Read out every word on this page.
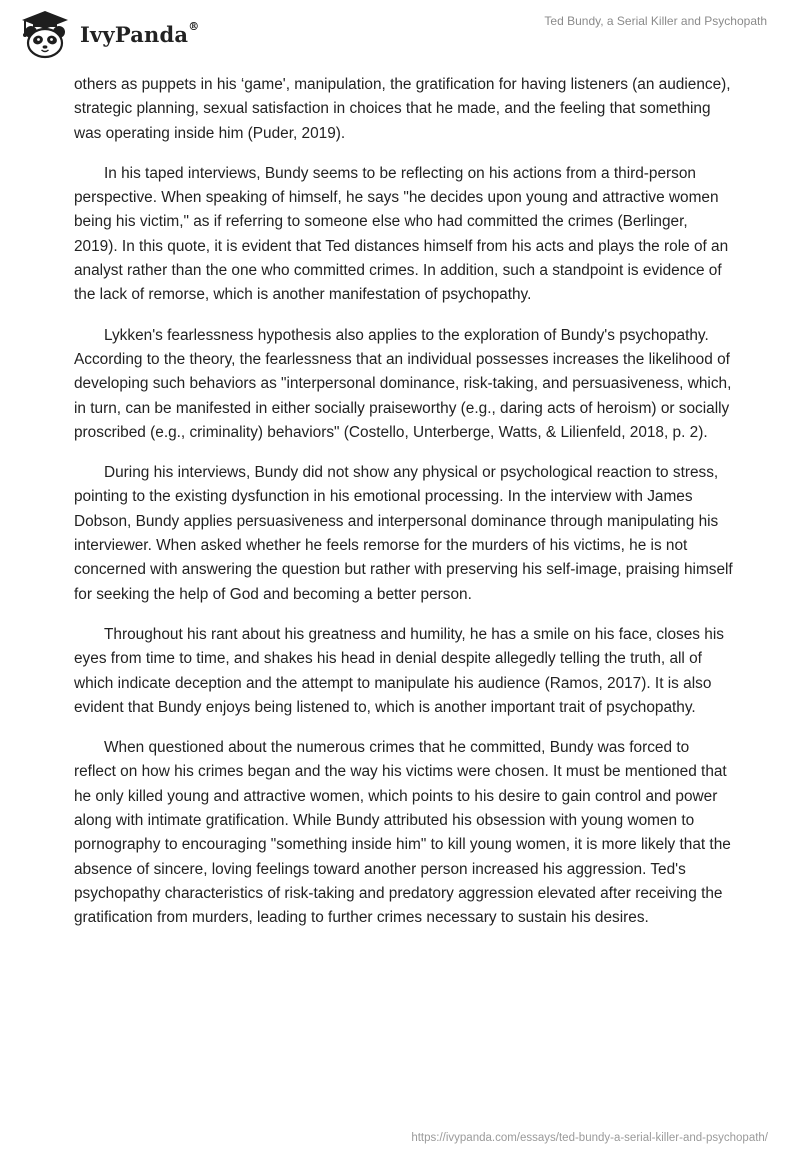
IvyPanda®	Ted Bundy, a Serial Killer and Psychopath

others as puppets in his ‘game', manipulation, the gratification for having listeners (an audience), strategic planning, sexual satisfaction in choices that he made, and the feeling that something was operating inside him (Puder, 2019).

In his taped interviews, Bundy seems to be reflecting on his actions from a third-person perspective. When speaking of himself, he says "he decides upon young and attractive women being his victim," as if referring to someone else who had committed the crimes (Berlinger, 2019). In this quote, it is evident that Ted distances himself from his acts and plays the role of an analyst rather than the one who committed crimes. In addition, such a standpoint is evidence of the lack of remorse, which is another manifestation of psychopathy.

Lykken's fearlessness hypothesis also applies to the exploration of Bundy's psychopathy. According to the theory, the fearlessness that an individual possesses increases the likelihood of developing such behaviors as "interpersonal dominance, risk-taking, and persuasiveness, which, in turn, can be manifested in either socially praiseworthy (e.g., daring acts of heroism) or socially proscribed (e.g., criminality) behaviors" (Costello, Unterberge, Watts, & Lilienfeld, 2018, p. 2).

During his interviews, Bundy did not show any physical or psychological reaction to stress, pointing to the existing dysfunction in his emotional processing. In the interview with James Dobson, Bundy applies persuasiveness and interpersonal dominance through manipulating his interviewer. When asked whether he feels remorse for the murders of his victims, he is not concerned with answering the question but rather with preserving his self-image, praising himself for seeking the help of God and becoming a better person.

Throughout his rant about his greatness and humility, he has a smile on his face, closes his eyes from time to time, and shakes his head in denial despite allegedly telling the truth, all of which indicate deception and the attempt to manipulate his audience (Ramos, 2017). It is also evident that Bundy enjoys being listened to, which is another important trait of psychopathy.

When questioned about the numerous crimes that he committed, Bundy was forced to reflect on how his crimes began and the way his victims were chosen. It must be mentioned that he only killed young and attractive women, which points to his desire to gain control and power along with intimate gratification. While Bundy attributed his obsession with young women to pornography to encouraging "something inside him" to kill young women, it is more likely that the absence of sincere, loving feelings toward another person increased his aggression. Ted's psychopathy characteristics of risk-taking and predatory aggression elevated after receiving the gratification from murders, leading to further crimes necessary to sustain his desires.

https://ivypanda.com/essays/ted-bundy-a-serial-killer-and-psychopath/
